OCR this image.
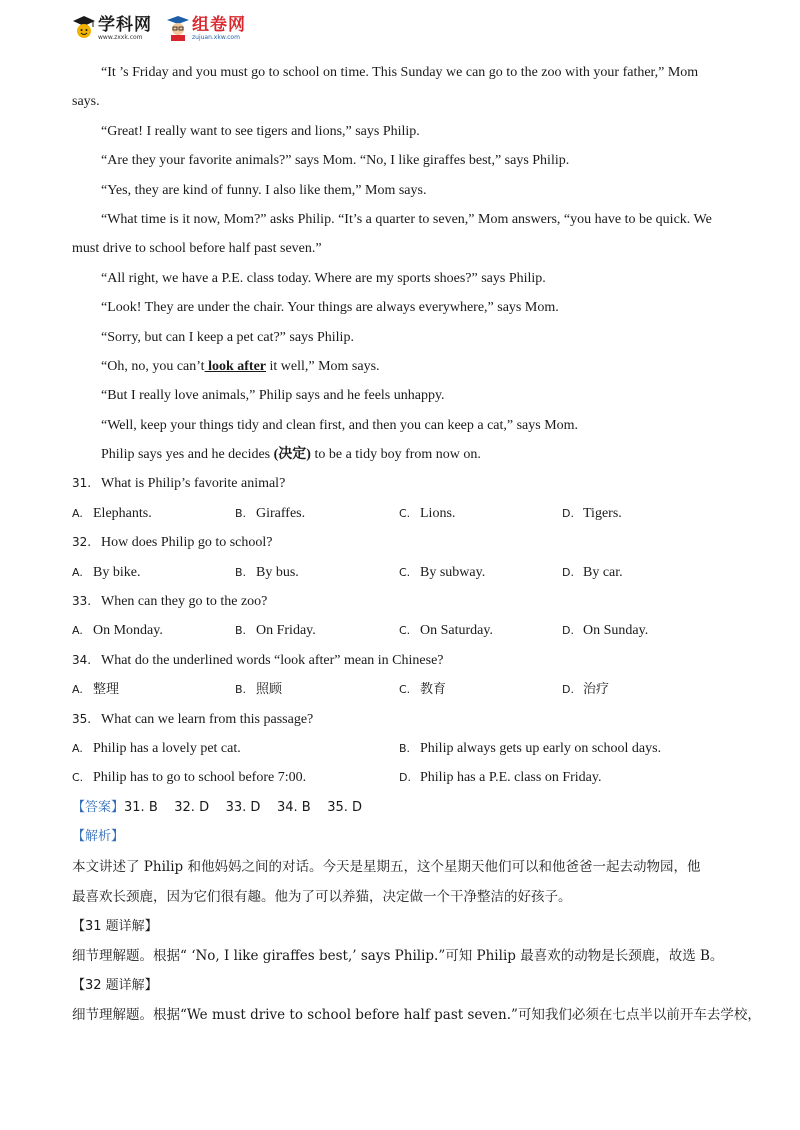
学科网
www.zxxk.com
组卷网
zujuan.xkw.com
“It ’s Friday and you must go to school on time. This Sunday we can go to the zoo with your father,” Mom
says.
“Great! I really want to see tigers and lions,” says Philip.
“Are they your favorite animals?” says Mom. “No, I like giraffes best,” says Philip.
“Yes, they are kind of funny. I also like them,” Mom says.
“What time is it now, Mom?” asks Philip. “It’s a quarter to seven,” Mom answers, “you have to be quick. We
must drive to school before half past seven.”
“All right, we have a P.E. class today. Where are my sports shoes?” says Philip.
“Look! They are under the chair. Your things are always everywhere,” says Mom.
“Sorry, but can I keep a pet cat?” says Philip.
“Oh, no, you can’t look after it well,” Mom says.
“But I really love animals,” Philip says and he feels unhappy.
“Well, keep your things tidy and clean first, and then you can keep a cat,” says Mom.
Philip says yes and he decides (决定) to be a tidy boy from now on.
31. What is Philip’s favorite animal?
A. Elephants.	B. Giraffes.	C. Lions.	D. Tigers.
32. How does Philip go to school?
A. By bike.	B. By bus.	C. By subway.	D. By car.
33. When can they go to the zoo?
A. On Monday.	B. On Friday.	C. On Saturday.	D. On Sunday.
34. What do the underlined words “look after” mean in Chinese?
A. 整理	B. 照顾	C. 教育	D. 治疗
35. What can we learn from this passage?
A. Philip has a lovely pet cat.	B. Philip always gets up early on school days.
C. Philip has to go to school before 7:00.	D. Philip has a P.E. class on Friday.
【答案】31. B    32. D    33. D    34. B    35. D
【解析】
本文讲述了 Philip 和他妈妈之间的对话。今天是星期五，这个星期天他们可以和他爸爸一起去动物园，他
最喜欢长颈鹿，因为它们很有趣。他为了可以养猫，决定做一个干净整洁的好孩子。
【31 题详解】
细节理解题。根据“ ‘No, I like giraffes best,’ says Philip.”可知 Philip 最喜欢的动物是长颈鹿，故选 B。
【32 题详解】
细节理解题。根据“We must drive to school before half past seven.”可知我们必须在七点半以前开车去学校，
